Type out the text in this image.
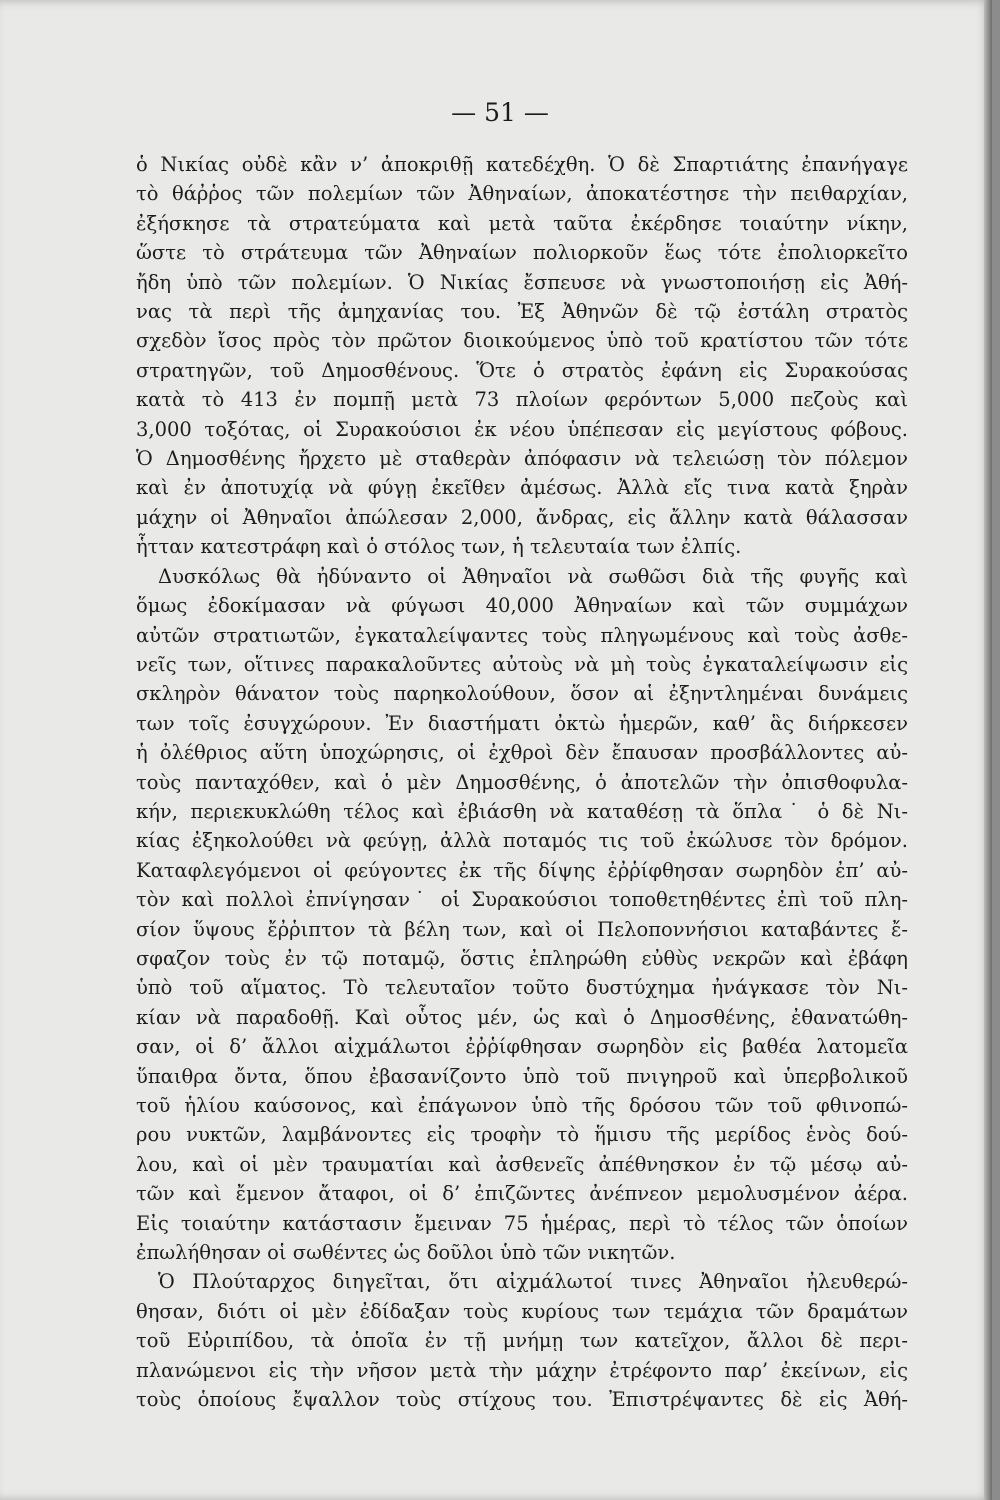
— 51 —
ὁ Νικίας οὐδὲ κἂν ν’ ἀποκριθῇ κατεδέχθη. Ὁ δὲ Σπαρτιάτης ἐπανήγαγε
τὸ θάῤῥος τῶν πολεμίων τῶν Ἀθηναίων, ἀποκατέστησε τὴν πειθαρχίαν,
ἐξήσκησε τὰ στρατεύματα καὶ μετὰ ταῦτα ἐκέρδησε τοιαύτην νίκην,
ὥστε τὸ στράτευμα τῶν Ἀθηναίων πολιορκοῦν ἕως τότε ἐπολιορκεῖτο
ἤδη ὑπὸ τῶν πολεμίων. Ὁ Νικίας ἔσπευσε νὰ γνωστοποιήσῃ εἰς Ἀθή-
νας τὰ περὶ τῆς ἀμηχανίας του. Ἐξ Ἀθηνῶν δὲ τῷ ἐστάλη στρατὸς
σχεδὸν ἴσος πρὸς τὸν πρῶτον διοικούμενος ὑπὸ τοῦ κρατίστου τῶν τότε
στρατηγῶν, τοῦ Δημοσθένους. Ὅτε ὁ στρατὸς ἐφάνη εἰς Συρακούσας
κατὰ τὸ 413 ἐν πομπῇ μετὰ 73 πλοίων φερόντων 5,000 πεζοὺς καὶ
3,000 τοξότας, οἱ Συρακούσιοι ἐκ νέου ὑπέπεσαν εἰς μεγίστους φόβους.
Ὁ Δημοσθένης ἤρχετο μὲ σταθερὰν ἀπόφασιν νὰ τελειώσῃ τὸν πόλεμον
καὶ ἐν ἀποτυχίᾳ νὰ φύγῃ ἐκεῖθεν ἀμέσως. Ἀλλὰ εἴς τινα κατὰ ξηρὰν
μάχην οἱ Ἀθηναῖοι ἀπώλεσαν 2,000, ἄνδρας, εἰς ἄλλην κατὰ θάλασσαν
ἧτταν κατεστράφη καὶ ὁ στόλος των, ἡ τελευταία των ἐλπίς.
Δυσκόλως θὰ ἠδύναντο οἱ Ἀθηναῖοι νὰ σωθῶσι διὰ τῆς φυγῆς καὶ
ὅμως ἐδοκίμασαν νὰ φύγωσι 40,000 Ἀθηναίων καὶ τῶν συμμάχων
αὐτῶν στρατιωτῶν, ἐγκαταλείψαντες τοὺς πληγωμένους καὶ τοὺς ἀσθε-
νεῖς των, οἵτινες παρακαλοῦντες αὐτοὺς νὰ μὴ τοὺς ἐγκαταλείψωσιν εἰς
σκληρὸν θάνατον τοὺς παρηκολούθουν, ὅσον αἱ ἐξηντλημέναι δυνάμεις
των τοῖς ἐσυγχώρουν. Ἐν διαστήματι ὀκτὼ ἡμερῶν, καθ’ ἃς διήρκεσεν
ἡ ὀλέθριος αὕτη ὑποχώρησις, οἱ ἐχθροὶ δὲν ἔπαυσαν προσβάλλοντες αὐ-
τοὺς πανταχόθεν, καὶ ὁ μὲν Δημοσθένης, ὁ ἀποτελῶν τὴν ὀπισθοφυλα-
κήν, περιεκυκλώθη τέλος καὶ ἐβιάσθη νὰ καταθέσῃ τὰ ὅπλα˙ ὁ δὲ Νι-
κίας ἐξηκολούθει νὰ φεύγῃ, ἀλλὰ ποταμός τις τοῦ ἐκώλυσε τὸν δρόμον.
Καταφλεγόμενοι οἱ φεύγοντες ἐκ τῆς δίψης ἐῤῥίφθησαν σωρηδὸν ἐπ’ αὐ-
τὸν καὶ πολλοὶ ἐπνίγησαν˙ οἱ Συρακούσιοι τοποθετηθέντες ἐπὶ τοῦ πλη-
σίον ὕψους ἔῤῥιπτον τὰ βέλη των, καὶ οἱ Πελοποννήσιοι καταβάντες ἔ-
σφαζον τοὺς ἐν τῷ ποταμῷ, ὅστις ἐπληρώθη εὐθὺς νεκρῶν καὶ ἐβάφη
ὑπὸ τοῦ αἵματος. Τὸ τελευταῖον τοῦτο δυστύχημα ἠνάγκασε τὸν Νι-
κίαν νὰ παραδοθῇ. Καὶ οὗτος μέν, ὡς καὶ ὁ Δημοσθένης, ἐθανατώθη-
σαν, οἱ δ’ ἄλλοι αἰχμάλωτοι ἐῤῥίφθησαν σωρηδὸν εἰς βαθέα λατομεῖα
ὕπαιθρα ὄντα, ὅπου ἐβασανίζοντο ὑπὸ τοῦ πνιγηροῦ καὶ ὑπερβολικοῦ
τοῦ ἡλίου καύσονος, καὶ ἐπάγωνον ὑπὸ τῆς δρόσου τῶν τοῦ φθινοπώ-
ρου νυκτῶν, λαμβάνοντες εἰς τροφὴν τὸ ἥμισυ τῆς μερίδος ἑνὸς δού-
λου, καὶ οἱ μὲν τραυματίαι καὶ ἀσθενεῖς ἀπέθνησκον ἐν τῷ μέσῳ αὐ-
τῶν καὶ ἔμενον ἄταφοι, οἱ δ’ ἐπιζῶντες ἀνέπνεον μεμολυσμένον ἀέρα.
Εἰς τοιαύτην κατάστασιν ἔμειναν 75 ἡμέρας, περὶ τὸ τέλος τῶν ὁποίων
ἐπωλήθησαν οἱ σωθέντες ὡς δοῦλοι ὑπὸ τῶν νικητῶν.
Ὁ Πλούταρχος διηγεῖται, ὅτι αἰχμάλωτοί τινες Ἀθηναῖοι ἠλευθερώ-
θησαν, διότι οἱ μὲν ἐδίδαξαν τοὺς κυρίους των τεμάχια τῶν δραμάτων
τοῦ Εὐριπίδου, τὰ ὁποῖα ἐν τῇ μνήμῃ των κατεῖχον, ἄλλοι δὲ περι-
πλανώμενοι εἰς τὴν νῆσον μετὰ τὴν μάχην ἐτρέφοντο παρ’ ἐκείνων, εἰς
τοὺς ὁποίους ἔψαλλον τοὺς στίχους του. Ἐπιστρέψαντες δὲ εἰς Ἀθή-
